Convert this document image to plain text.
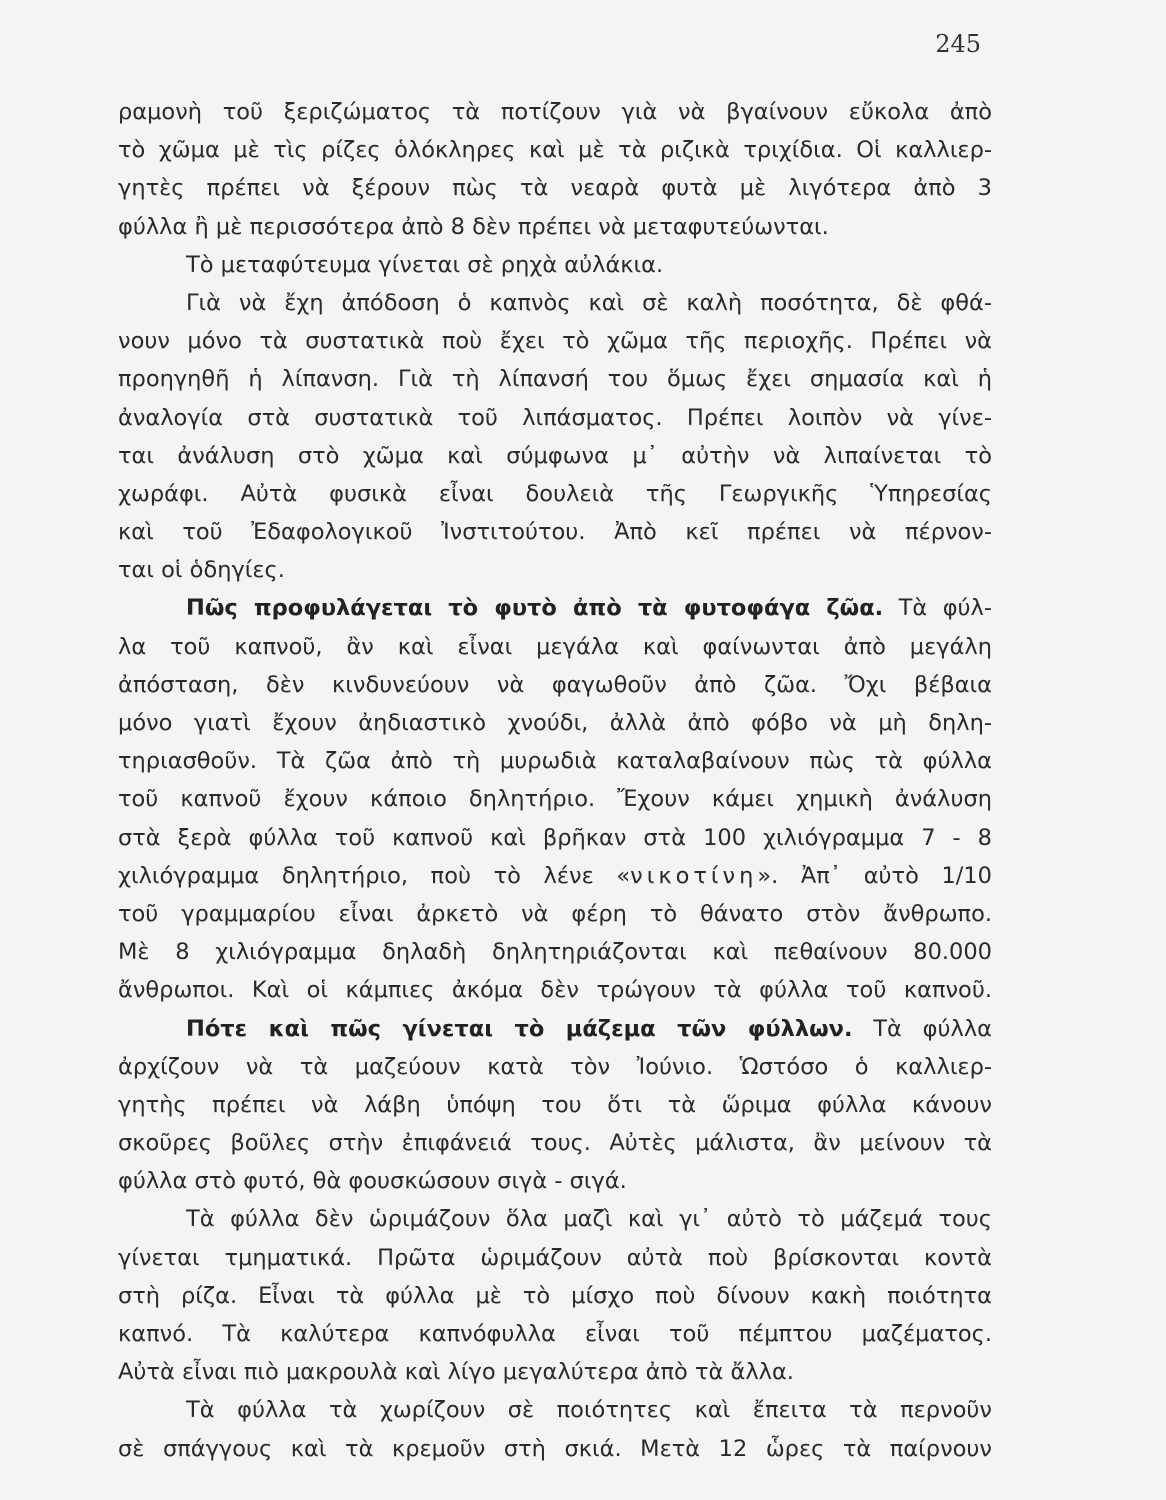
245
ραμονὴ τοῦ ξεριζώματος τὰ ποτίζουν γιὰ νὰ βγαίνουν εὔκολα ἀπὸ
τὸ χῶμα μὲ τὶς ρίζες ὁλόκληρες καὶ μὲ τὰ ριζικὰ τριχίδια. Οἱ καλλιερ-
γητὲς πρέπει νὰ ξέρουν πὼς τὰ νεαρὰ φυτὰ μὲ λιγότερα ἀπὸ 3
φύλλα ἢ μὲ περισσότερα ἀπὸ 8 δὲν πρέπει νὰ μεταφυτεύωνται.
Τὸ μεταφύτευμα γίνεται σὲ ρηχὰ αὐλάκια.
Γιὰ νὰ ἔχη ἀπόδοση ὁ καπνὸς καὶ σὲ καλὴ ποσότητα, δὲ φθά-
νουν μόνο τὰ συστατικὰ ποὺ ἔχει τὸ χῶμα τῆς περιοχῆς. Πρέπει νὰ
προηγηθῆ ἡ λίπανση. Γιὰ τὴ λίπανσή του ὅμως ἔχει σημασία καὶ ἡ
ἀναλογία στὰ συστατικὰ τοῦ λιπάσματος. Πρέπει λοιπὸν νὰ γίνε-
ται ἀνάλυση στὸ χῶμα καὶ σύμφωνα μ᾿ αὐτὴν νὰ λιπαίνεται τὸ
χωράφι. Αὐτὰ φυσικὰ εἶναι δουλειὰ τῆς Γεωργικῆς Ὑπηρεσίας
καὶ τοῦ Ἐδαφολογικοῦ Ἰνστιτούτου. Ἀπὸ κεῖ πρέπει νὰ πέρνον-
ται οἱ ὁδηγίες.
Πῶς προφυλάγεται τὸ φυτὸ ἀπὸ τὰ φυτοφάγα ζῶα. Τὰ φύλ-
λα τοῦ καπνοῦ, ἂν καὶ εἶναι μεγάλα καὶ φαίνωνται ἀπὸ μεγάλη
ἀπόσταση, δὲν κινδυνεύουν νὰ φαγωθοῦν ἀπὸ ζῶα. Ὄχι βέβαια
μόνο γιατὶ ἔχουν ἀηδιαστικὸ χνούδι, ἀλλὰ ἀπὸ φόβο νὰ μὴ δηλη-
τηριασθοῦν. Τὰ ζῶα ἀπὸ τὴ μυρωδιὰ καταλαβαίνουν πὼς τὰ φύλλα
τοῦ καπνοῦ ἔχουν κάποιο δηλητήριο. Ἔχουν κάμει χημικὴ ἀνάλυση
στὰ ξερὰ φύλλα τοῦ καπνοῦ καὶ βρῆκαν στὰ 100 χιλιόγραμμα 7 - 8
χιλιόγραμμα δηλητήριο, ποὺ τὸ λένε «νικοτίνη». Ἀπ᾿ αὐτὸ 1/10
τοῦ γραμμαρίου εἶναι ἀρκετὸ νὰ φέρη τὸ θάνατο στὸν ἄνθρωπο.
Μὲ 8 χιλιόγραμμα δηλαδὴ δηλητηριάζονται καὶ πεθαίνουν 80.000
ἄνθρωποι. Καὶ οἱ κάμπιες ἀκόμα δὲν τρώγουν τὰ φύλλα τοῦ καπνοῦ.
Πότε καὶ πῶς γίνεται τὸ μάζεμα τῶν φύλλων. Τὰ φύλλα
ἀρχίζουν νὰ τὰ μαζεύουν κατὰ τὸν Ἰούνιο. Ὡστόσο ὁ καλλιερ-
γητὴς πρέπει νὰ λάβη ὑπόψη του ὅτι τὰ ὥριμα φύλλα κάνουν
σκοῦρες βοῦλες στὴν ἐπιφάνειά τους. Αὐτὲς μάλιστα, ἂν μείνουν τὰ
φύλλα στὸ φυτό, θὰ φουσκώσουν σιγὰ - σιγά.
Τὰ φύλλα δὲν ὡριμάζουν ὅλα μαζὶ καὶ γι᾿ αὐτὸ τὸ μάζεμά τους
γίνεται τμηματικά. Πρῶτα ὡριμάζουν αὐτὰ ποὺ βρίσκονται κοντὰ
στὴ ρίζα. Εἶναι τὰ φύλλα μὲ τὸ μίσχο ποὺ δίνουν κακὴ ποιότητα
καπνό. Τὰ καλύτερα καπνόφυλλα εἶναι τοῦ πέμπτου μαζέματος.
Αὐτὰ εἶναι πιὸ μακρουλὰ καὶ λίγο μεγαλύτερα ἀπὸ τὰ ἄλλα.
Τὰ φύλλα τὰ χωρίζουν σὲ ποιότητες καὶ ἔπειτα τὰ περνοῦν
σὲ σπάγγους καὶ τὰ κρεμοῦν στὴ σκιά. Μετὰ 12 ὧρες τὰ παίρνουν
